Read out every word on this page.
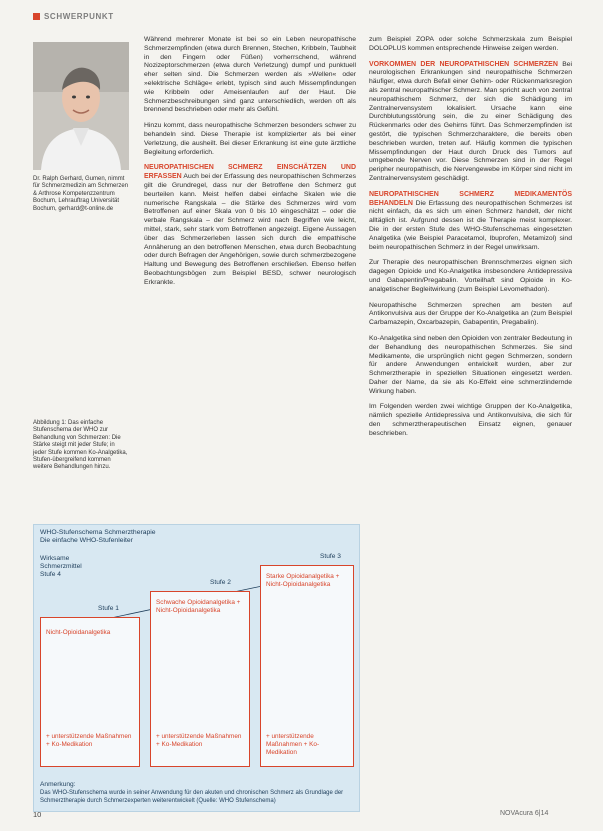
SCHWERPUNKT
Dr. Ralph Gerhard, Gumen, nimmt für Schmerzmedizin am Schmerzen & Arthrose Kompetenzzentrum Bochum, Lehrauftrag Universität Bochum, gerhard@t-online.de
Abbildung 1: Das einfache Stufenschema der WHO zur Behandlung von Schmerzen: Die Stärke steigt mit jeder Stufe; in jeder Stufe kommen Ko-Analgetika, Stufen-übergreifend kommen weitere Behandlungen hinzu.

Während mehrerer Monate ist bei so ein Leben neuropathische Schmerzempfinden (etwa durch Brennen, Stechen, Kribbeln, Taubheit in den Fingern oder Füßen) vorherrschend, während Nozizeptorschmerzen (etwa durch Verletzung) dumpf und punktuell eher selten sind. Die Schmerzen werden als »Wellen« oder »elektrische Schläge« erlebt, typisch sind auch Missempfindungen wie Kribbeln oder Ameisenlaufen auf der Haut. Die Schmerzbeschreibungen sind ganz unterschiedlich, werden oft als brennend beschrieben oder mehr als Gefühl.

Hinzu kommt, dass neuropathische Schmerzen besonders schwer zu behandeln sind. Diese Therapie ist komplizierter als bei einer Verletzung, die ausheilt. Bei dieser Erkrankung ist eine gute ärztliche Begleitung erforderlich.

NEUROPATHISCHEN SCHMERZ EINSCHÄTZEN UND ERFASSEN Auch bei der Erfassung des neuropathischen Schmerzes gilt die Grundregel, dass nur der Betroffene den Schmerz gut beurteilen kann. Meist helfen dabei einfache Skalen wie die numerische Rangskala – die Stärke des Schmerzes wird vom Betroffenen auf einer Skala von 0 bis 10 eingeschätzt – oder die verbale Rangskala – der Schmerz wird nach Begriffen wie leicht, mittel, stark, sehr stark vom Betroffenen angezeigt. Eigene Aussagen über das Schmerzerleben lassen sich durch die empathische Annäherung an den betroffenen Menschen, etwa durch Beobachtung oder durch Befragen der Angehörigen, sowie durch schmerzbezogene Haltung und Bewegung des Betroffenen erschließen. Ebenso helfen Beobachtungsbögen zum Beispiel BESD, schwer neurologisch Erkrankte.

zum Beispiel ZOPA oder solche Schmerzskala zum Beispiel DOLOPLUS kommen entsprechende Hinweise zeigen werden.

VORKOMMEN DER NEUROPATHISCHEN SCHMERZEN Bei neurologischen Erkrankungen sind neuropathische Schmerzen häufiger, etwa durch Befall einer Gehirn- oder Rückenmarksregion als zentral neuropathischer Schmerz. Man spricht auch von zentral neuropathischem Schmerz, der sich die Schädigung im Zentralnervensystem lokalisiert. Ursache kann eine Durchblutungsstörung sein, die zu einer Schädigung des Rückenmarks oder des Gehirns führt. Das Schmerzempfinden ist gestört, die typischen Schmerzcharaktere, die bereits oben beschrieben wurden, treten auf. Häufig kommen die typischen Missempfindungen der Haut durch Druck des Tumors auf umgebende Nerven vor. Diese Schmerzen sind in der Regel peripher neuropathisch, die Nervengewebe im Körper sind nicht im Zentralnervensystem geschädigt.

NEUROPATHISCHEN SCHMERZ MEDIKAMENTÖS BEHANDELN Die Erfassung des neuropathischen Schmerzes ist nicht einfach, da es sich um einen Schmerz handelt, der nicht alltäglich ist. Aufgrund dessen ist die Therapie meist komplexer. Die in der ersten Stufe des WHO-Stufenschemas eingesetzten Analgetika (wie Beispiel Paracetamol, Ibuprofen, Metamizol) sind beim neuropathischen Schmerz in der Regel unwirksam.

Zur Therapie des neuropathischen Brennschmerzes eignen sich dagegen Opioide und Ko-Analgetika insbesondere Antidepressiva und Gabapentin/Pregabalin. Vorteilhaft sind Opioide in Ko-analgetischer Begleitwirkung (zum Beispiel Levomethadon).

Neuropathische Schmerzen sprechen am besten auf Antikonvulsiva aus der Gruppe der Ko-Analgetika an (zum Beispiel Carbamazepin, Oxcarbazepin, Gabapentin, Pregabalin).

Ko-Analgetika sind neben den Opioiden von zentraler Bedeutung in der Behandlung des neuropathischen Schmerzes. Sie sind Medikamente, die ursprünglich nicht gegen Schmerzen, sondern für andere Anwendungen entwickelt wurden, aber zur Schmerztherapie in speziellen Situationen eingesetzt werden. Daher der Name, da sie als Ko-Effekt eine schmerzlindernde Wirkung haben.

Im Folgenden werden zwei wichtige Gruppen der Ko-Analgetika, nämlich spezielle Antidepressiva und Antikonvulsiva, die sich für den schmerztherapeutischen Einsatz eignen, genauer beschrieben.

WHO-Stufenschema Schmerztherapie
Die einfache WHO-Stufenleiter
Wirksame
Schmerzmittel
Stufe 4
Stufe 1
Stufe 2
Stufe 3
Nicht-Opioidanalgetika
Schwache Opioidanalgetika + Nicht-Opioidanalgetika
Starke Opioidanalgetika + Nicht-Opioidanalgetika
+ unterstützende Maßnahmen + Ko-Medikation
+ unterstützende Maßnahmen + Ko-Medikation
+ unterstützende Maßnahmen + Ko-Medikation
Anmerkung:
Das WHO-Stufenschema wurde in seiner Anwendung für den akuten und chronischen Schmerz als Grundlage der Schmerztherapie durch Schmerzexperten weiterentwickelt (Quelle: WHO Stufenschema)
10	NOVAcura 6|14
